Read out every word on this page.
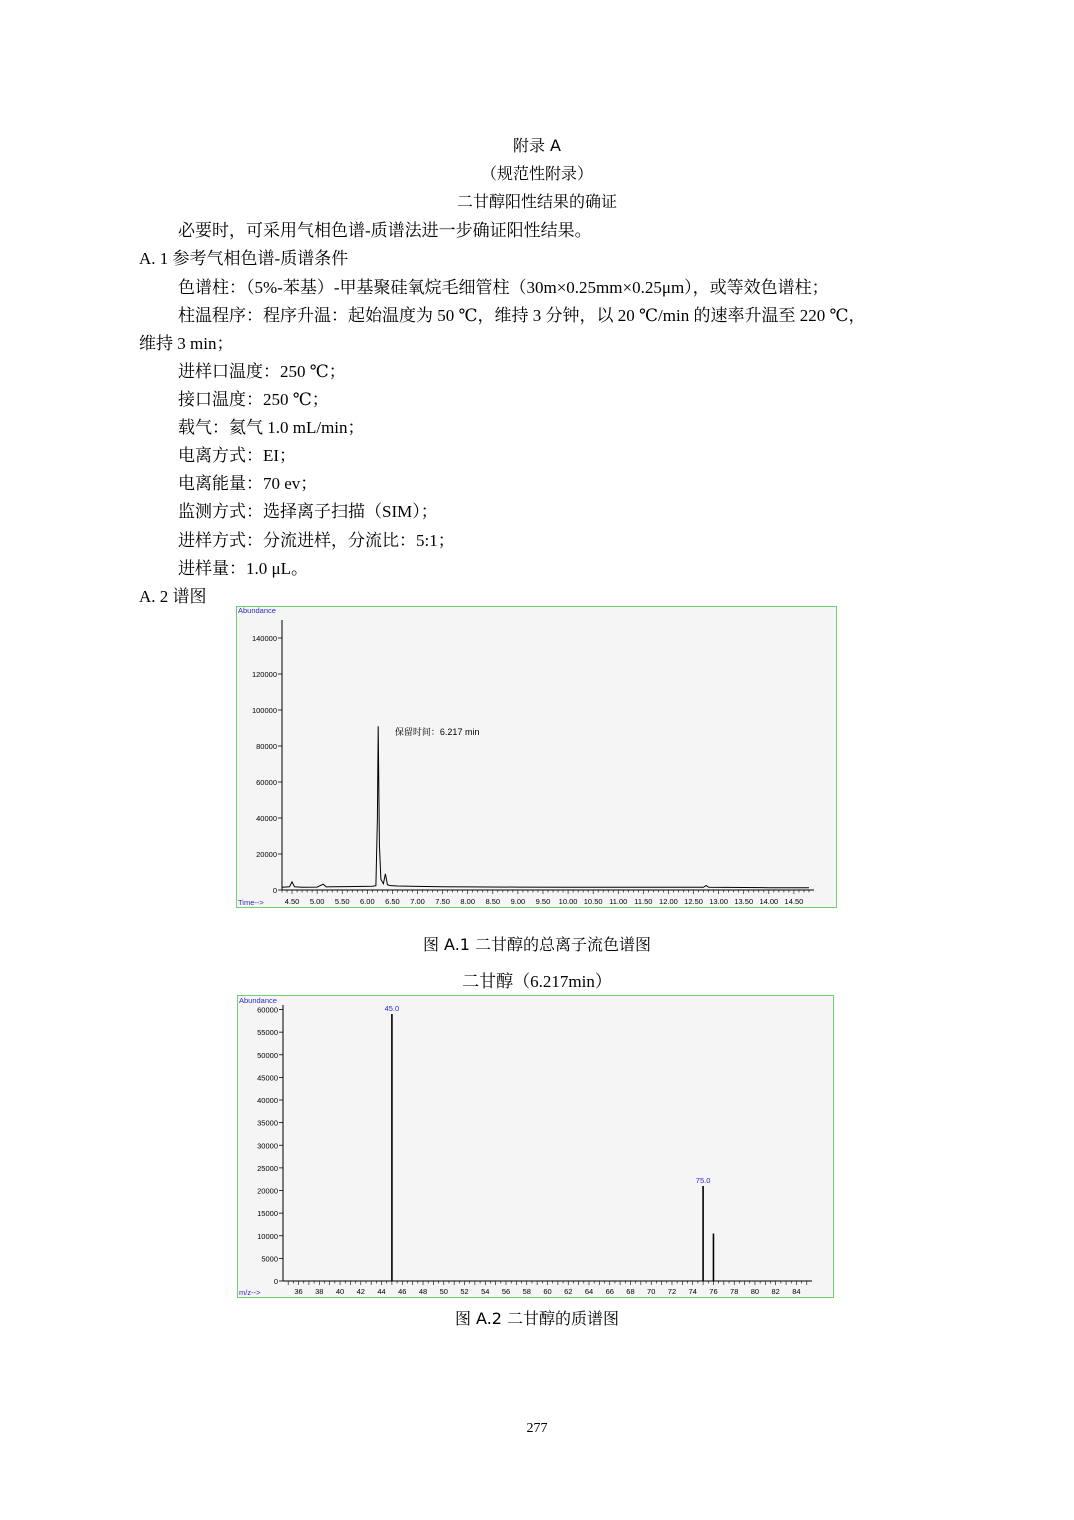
附录 A
（规范性附录）
二甘醇阳性结果的确证
必要时，可采用气相色谱-质谱法进一步确证阳性结果。
A. 1 参考气相色谱-质谱条件
色谱柱：（5%-苯基）-甲基聚硅氧烷毛细管柱（30m×0.25mm×0.25μm），或等效色谱柱；
柱温程序：程序升温：起始温度为 50 ℃，维持 3 分钟，以 20 ℃/min 的速率升温至 220 ℃，
维持 3 min；
进样口温度：250 ℃；
接口温度：250 ℃；
载气：氦气 1.0 mL/min；
电离方式：EI；
电离能量：70 ev；
监测方式：选择离子扫描（SIM）；
进样方式：分流进样，分流比：5:1；
进样量：1.0 μL。
A. 2 谱图
Abundance
Time-->
0
20000
40000
60000
80000
100000
120000
140000
4.50 5.00 5.50 6.00 6.50 7.00 7.50 8.00 8.50 9.00 9.50 10.00 10.50 11.00 11.50 12.00 12.50 13.00 13.50 14.00 14.50
保留时间：6.217 min
图 A.1 二甘醇的总离子流色谱图
二甘醇（6.217min）
Abundance
m/z-->
0
5000
10000
15000
20000
25000
30000
35000
40000
45000
50000
55000
60000
36 38 40 42 44 46 48 50 52 54 56 58 60 62 64 66 68 70 72 74 76 78 80 82 84
45.0
75.0
图 A.2 二甘醇的质谱图
277
